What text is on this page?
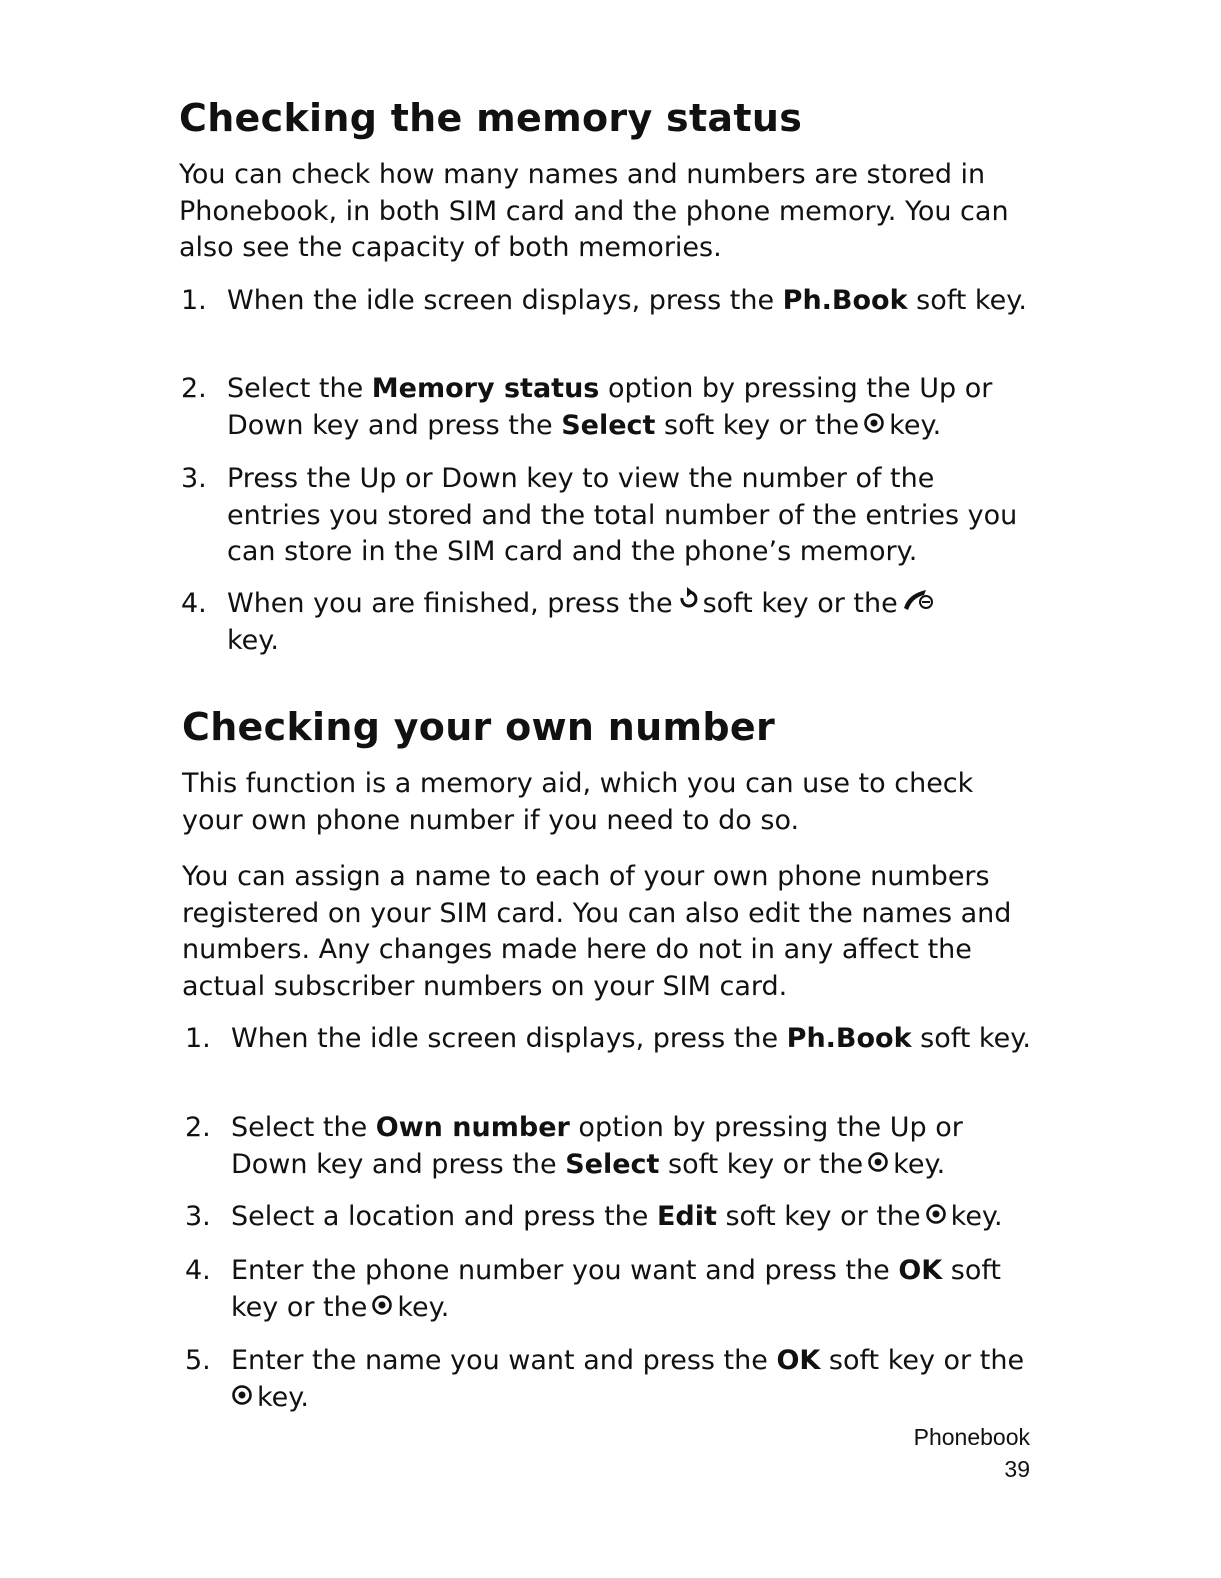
Checking the memory status

You can check how many names and numbers are stored in Phonebook, in both SIM card and the phone memory. You can also see the capacity of both memories.

1. When the idle screen displays, press the Ph.Book soft key.
2. Select the Memory status option by pressing the Up or Down key and press the Select soft key or the key.
3. Press the Up or Down key to view the number of the entries you stored and the total number of the entries you can store in the SIM card and the phone’s memory.
4. When you are finished, press the soft key or the
key.
Checking your own number

This function is a memory aid, which you can use to check your own phone number if you need to do so.

You can assign a name to each of your own phone numbers registered on your SIM card. You can also edit the names and numbers. Any changes made here do not in any affect the actual subscriber numbers on your SIM card.

1. When the idle screen displays, press the Ph.Book soft key.
2. Select the Own number option by pressing the Up or Down key and press the Select soft key or the key.
3. Select a location and press the Edit soft key or the key.
4. Enter the phone number you want and press the OK soft key or the key.
5. Enter the name you want and press the OK soft key or the
key.
Phonebook
39
